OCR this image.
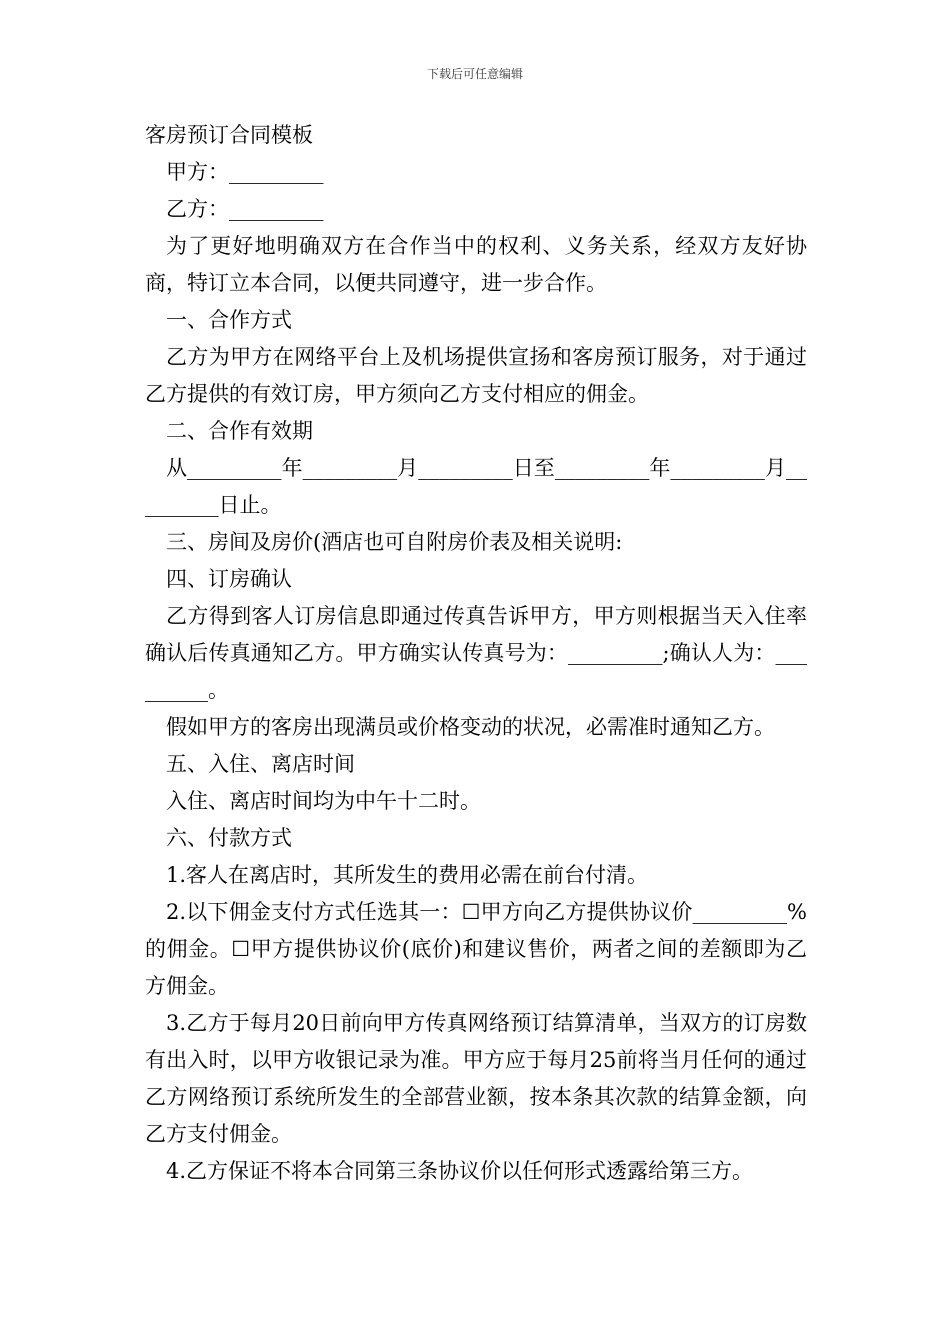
下载后可任意编辑

客房预订合同模板

甲方：_________

乙方：_________

为了更好地明确双方在合作当中的权利、义务关系，经双方友好协商，特订立本合同，以便共同遵守，进一步合作。

一、合作方式

乙方为甲方在网络平台上及机场提供宣扬和客房预订服务，对于通过乙方提供的有效订房，甲方须向乙方支付相应的佣金。

二、合作有效期

从_________年_________月_________日至_________年_________月_________日止。

三、房间及房价(酒店也可自附房价表及相关说明:

四、订房确认

乙方得到客人订房信息即通过传真告诉甲方，甲方则根据当天入住率确认后传真通知乙方。甲方确实认传真号为：_________;确认人为：_________。

假如甲方的客房出现满员或价格变动的状况，必需准时通知乙方。

五、入住、离店时间

入住、离店时间均为中午十二时。

六、付款方式

1.客人在离店时，其所发生的费用必需在前台付清。

2.以下佣金支付方式任选其一：☐甲方向乙方提供协议价_________%的佣金。☐甲方提供协议价(底价)和建议售价，两者之间的差额即为乙方佣金。

3.乙方于每月20日前向甲方传真网络预订结算清单，当双方的订房数有出入时，以甲方收银记录为准。甲方应于每月25前将当月任何的通过乙方网络预订系统所发生的全部营业额，按本条其次款的结算金额，向乙方支付佣金。

4.乙方保证不将本合同第三条协议价以任何形式透露给第三方。
